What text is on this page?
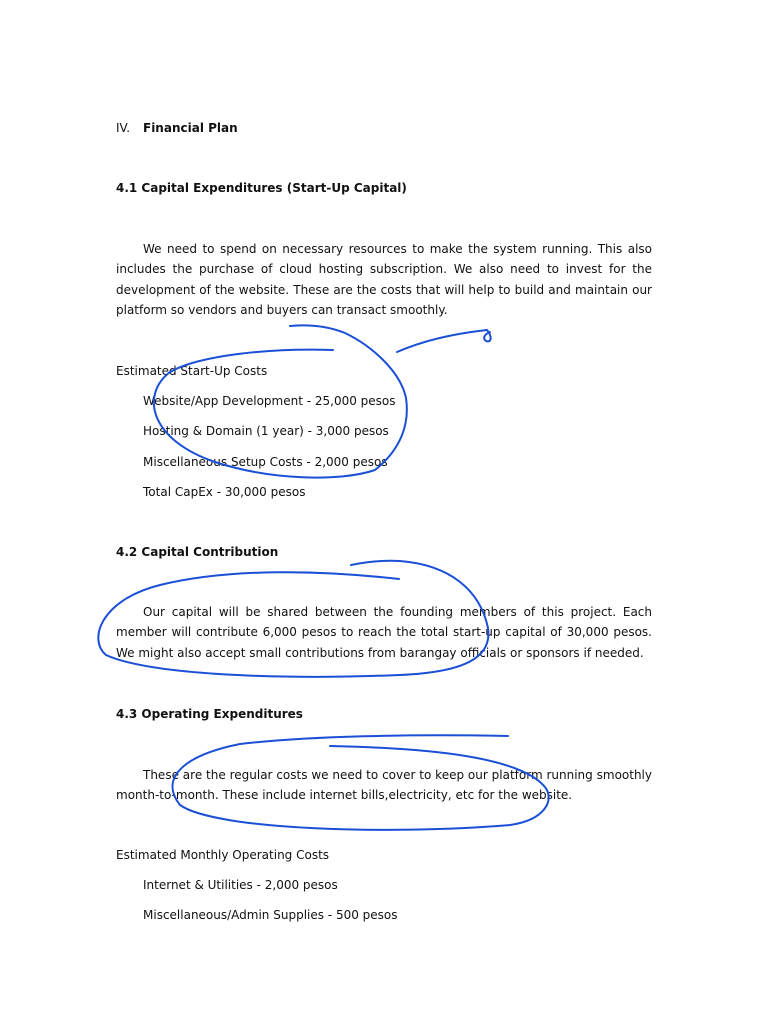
IV. Financial Plan
4.1 Capital Expenditures (Start-Up Capital)

We need to spend on necessary resources to make the system running. This also includes the purchase of cloud hosting subscription. We also need to invest for the development of the website. These are the costs that will help to build and maintain our platform so vendors and buyers can transact smoothly.

Estimated Start-Up Costs
Website/App Development - 25,000 pesos
Hosting & Domain (1 year) - 3,000 pesos
Miscellaneous Setup Costs - 2,000 pesos
Total CapEx - 30,000 pesos
4.2 Capital Contribution

Our capital will be shared between the founding members of this project. Each member will contribute 6,000 pesos to reach the total start-up capital of 30,000 pesos. We might also accept small contributions from barangay officials or sponsors if needed.

4.3 Operating Expenditures

These are the regular costs we need to cover to keep our platform running smoothly month-to-month. These include internet bills,electricity, etc for the website.

Estimated Monthly Operating Costs
Internet & Utilities - 2,000 pesos
Miscellaneous/Admin Supplies - 500 pesos
